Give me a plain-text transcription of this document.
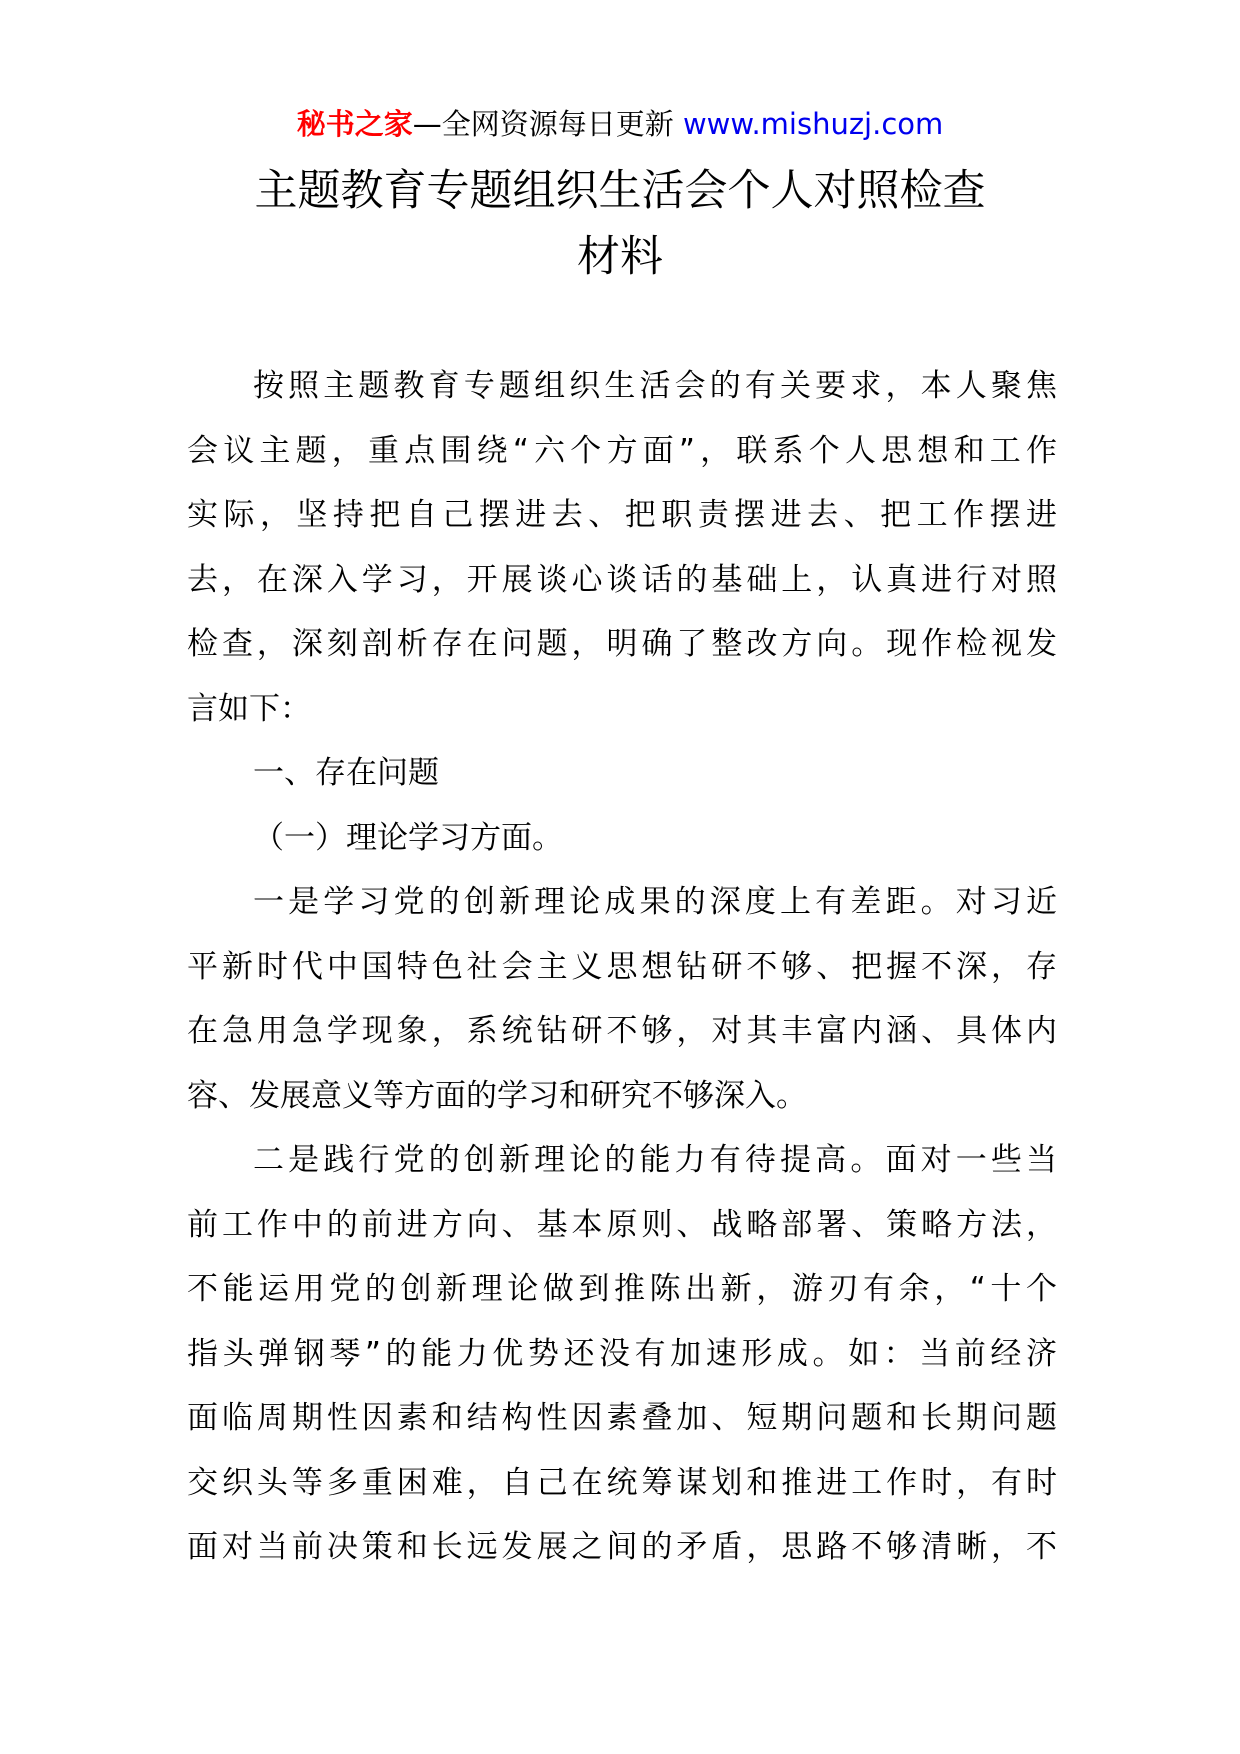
秘书之家—全网资源每日更新 www.mishuzj.com
主题教育专题组织生活会个人对照检查
材料
按照主题教育专题组织生活会的有关要求，本人聚焦
会议主题，重点围绕“六个方面”，联系个人思想和工作
实际，坚持把自己摆进去、把职责摆进去、把工作摆进
去，在深入学习，开展谈心谈话的基础上，认真进行对照
检查，深刻剖析存在问题，明确了整改方向。现作检视发
言如下：
一、存在问题
（一）理论学习方面。
一是学习党的创新理论成果的深度上有差距。对习近
平新时代中国特色社会主义思想钻研不够、把握不深，存
在急用急学现象，系统钻研不够，对其丰富内涵、具体内
容、发展意义等方面的学习和研究不够深入。
二是践行党的创新理论的能力有待提高。面对一些当
前工作中的前进方向、基本原则、战略部署、策略方法，
不能运用党的创新理论做到推陈出新，游刃有余，“十个
指头弹钢琴”的能力优势还没有加速形成。如：当前经济
面临周期性因素和结构性因素叠加、短期问题和长期问题
交织头等多重困难，自己在统筹谋划和推进工作时，有时
面对当前决策和长远发展之间的矛盾，思路不够清晰，不
